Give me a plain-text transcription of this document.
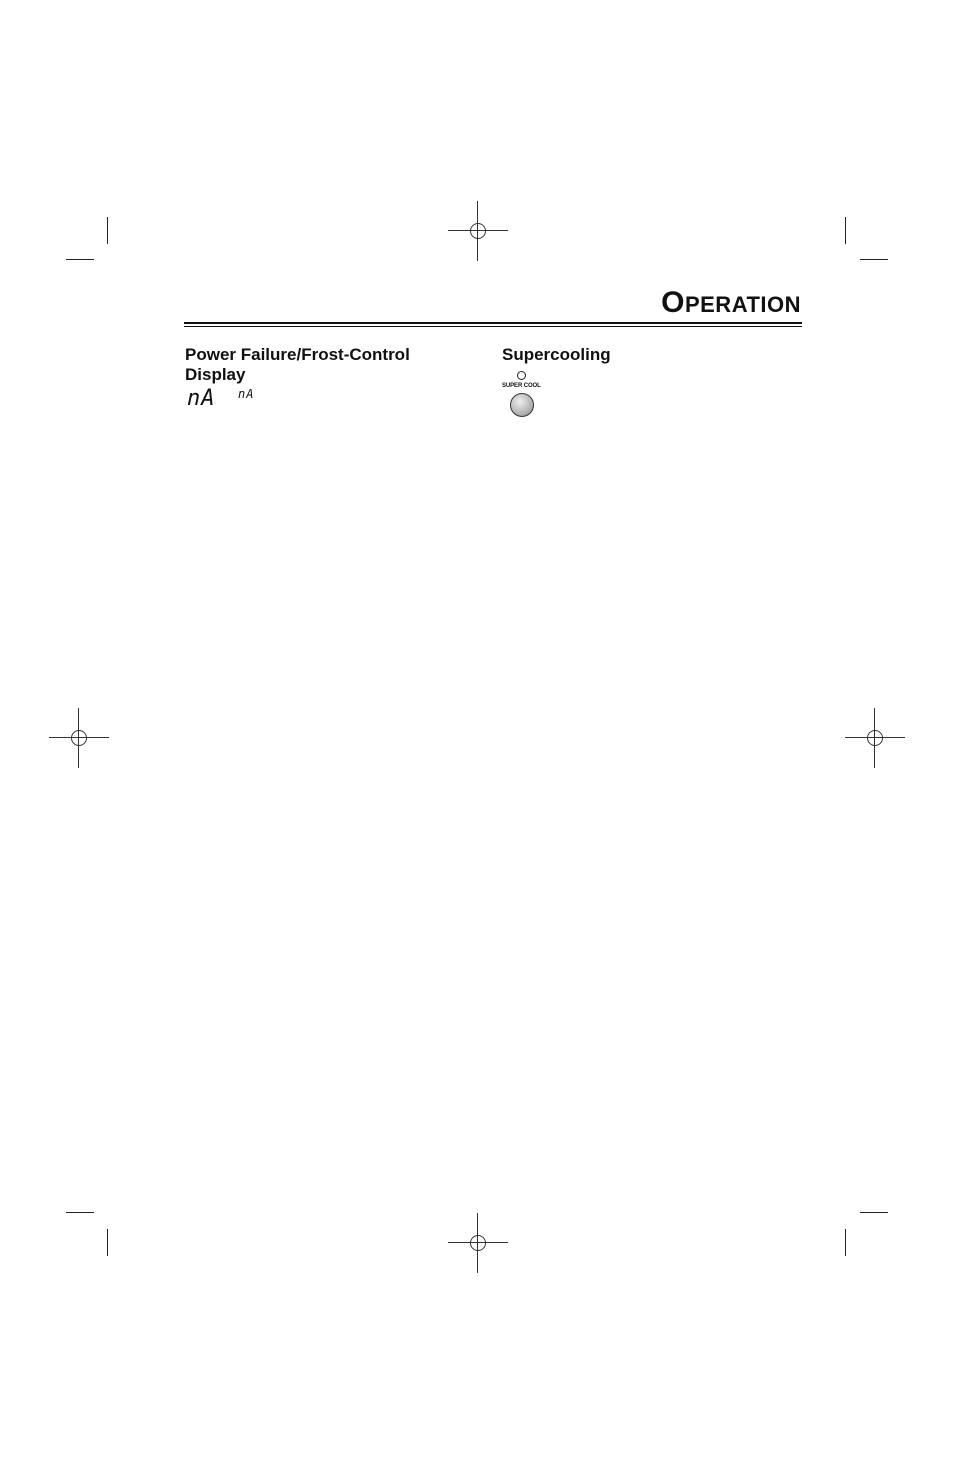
OPERATION
Power Failure/Frost-Control Display
nA nA
Supercooling
SUPER COOL
